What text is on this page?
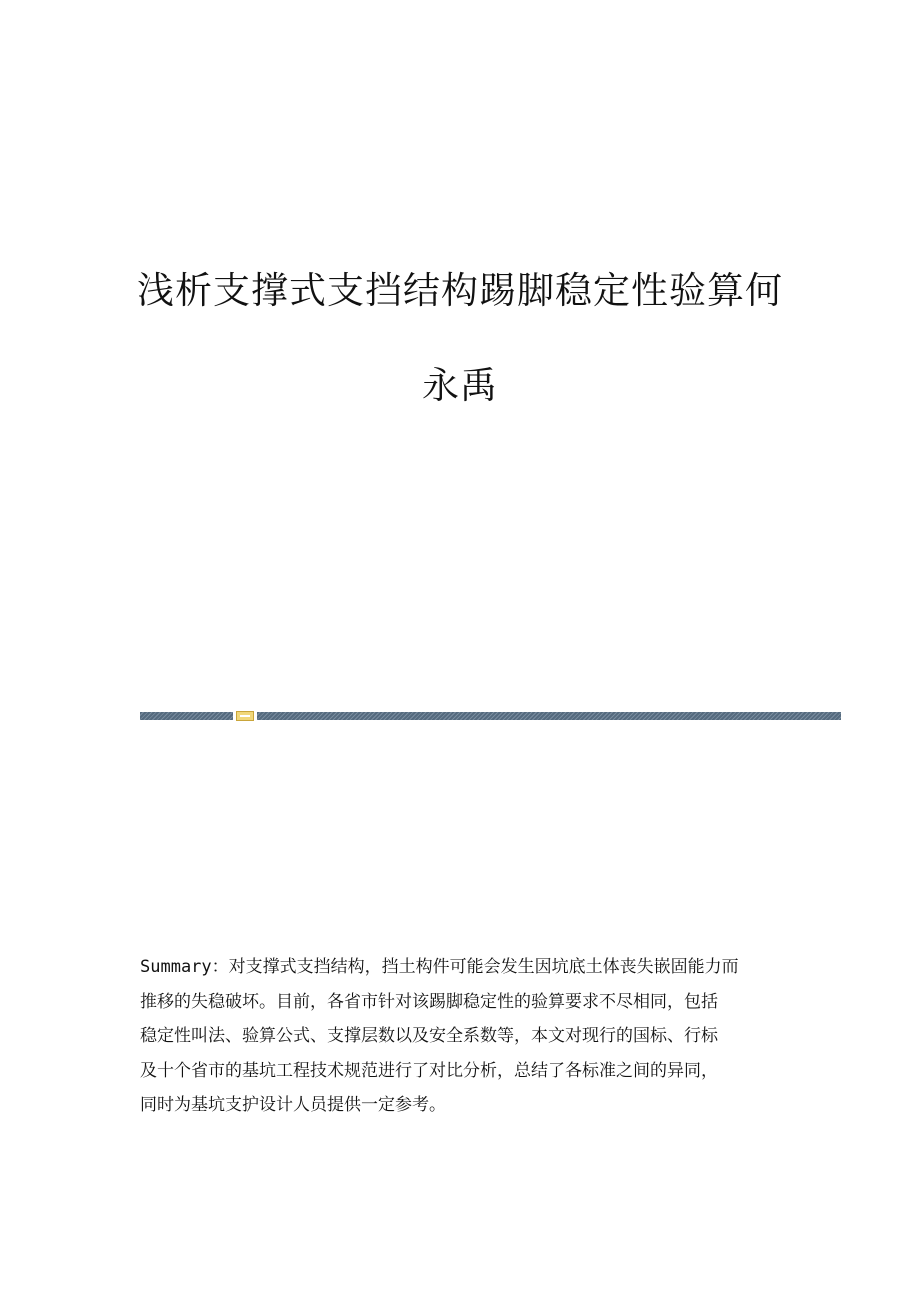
浅析支撑式支挡结构踢脚稳定性验算何
永禹

Summary：对支撑式支挡结构，挡土构件可能会发生因坑底土体丧失嵌固能力而
推移的失稳破坏。目前，各省市针对该踢脚稳定性的验算要求不尽相同，包括
稳定性叫法、验算公式、支撑层数以及安全系数等，本文对现行的国标、行标
及十个省市的基坑工程技术规范进行了对比分析，总结了各标准之间的异同，
同时为基坑支护设计人员提供一定参考。
